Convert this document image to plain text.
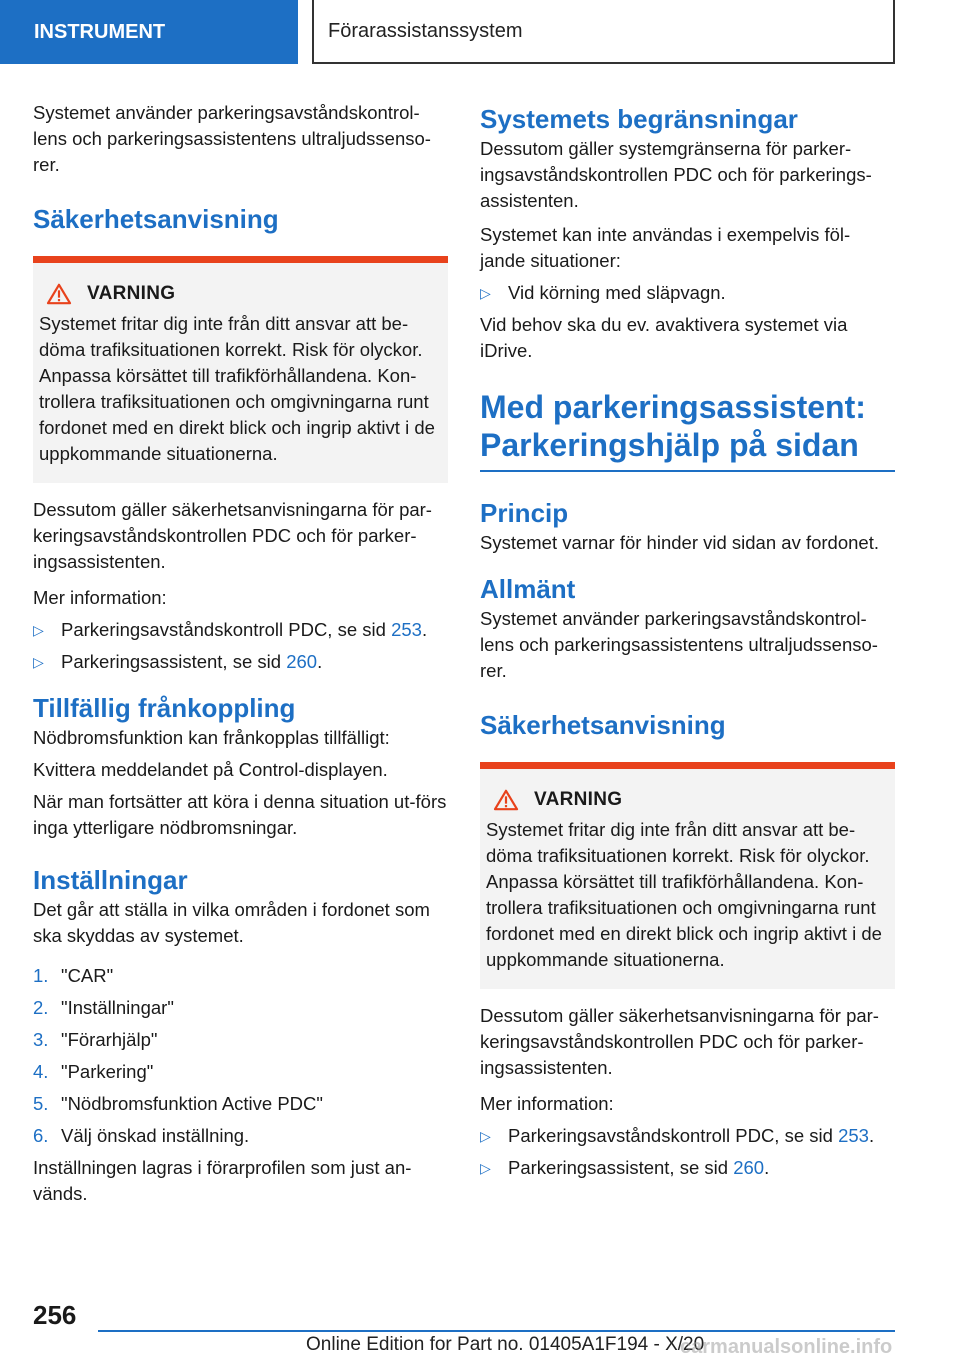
INSTRUMENT	Förarassistanssystem

Systemet använder parkeringsavståndskontrol-lens och parkeringsassistentens ultraljudssenso-rer.

Säkerhetsanvisning
VARNING

Systemet fritar dig inte från ditt ansvar att be-döma trafiksituationen korrekt. Risk för olyckor. Anpassa körsättet till trafikförhållandena. Kon-trollera trafiksituationen och omgivningarna runt fordonet med en direkt blick och ingrip aktivt i de uppkommande situationerna.

Dessutom gäller säkerhetsanvisningarna för par-keringsavståndskontrollen PDC och för parker-ingsassistenten.

Mer information:

▷ Parkeringsavståndskontroll PDC, se sid 253.
▷ Parkeringsassistent, se sid 260.
Tillfällig frånkoppling

Nödbromsfunktion kan frånkopplas tillfälligt:

Kvittera meddelandet på Control-displayen.

När man fortsätter att köra i denna situation ut-förs inga ytterligare nödbromsningar.

Inställningar

Det går att ställa in vilka områden i fordonet som ska skyddas av systemet.

1. "CAR"
2. "Inställningar"
3. "Förarhjälp"
4. "Parkering"
5. "Nödbromsfunktion Active PDC"
6. Välj önskad inställning.

Inställningen lagras i förarprofilen som just an-vänds.

Systemets begränsningar

Dessutom gäller systemgränserna för parker-ingsavståndskontrollen PDC och för parkerings-assistenten.

Systemet kan inte användas i exempelvis föl-jande situationer:

▷ Vid körning med släpvagn.

Vid behov ska du ev. avaktivera systemet via iDrive.

Med parkeringsassistent:
Parkeringshjälp på sidan
Princip

Systemet varnar för hinder vid sidan av fordonet.

Allmänt

Systemet använder parkeringsavståndskontrol-lens och parkeringsassistentens ultraljudssenso-rer.

Säkerhetsanvisning
VARNING

Systemet fritar dig inte från ditt ansvar att be-döma trafiksituationen korrekt. Risk för olyckor. Anpassa körsättet till trafikförhållandena. Kon-trollera trafiksituationen och omgivningarna runt fordonet med en direkt blick och ingrip aktivt i de uppkommande situationerna.

Dessutom gäller säkerhetsanvisningarna för par-keringsavståndskontrollen PDC och för parker-ingsassistenten.

Mer information:

▷ Parkeringsavståndskontroll PDC, se sid 253.
▷ Parkeringsassistent, se sid 260.
256
Online Edition for Part no. 01405A1F194 - X/20
carmanualsonline.info
